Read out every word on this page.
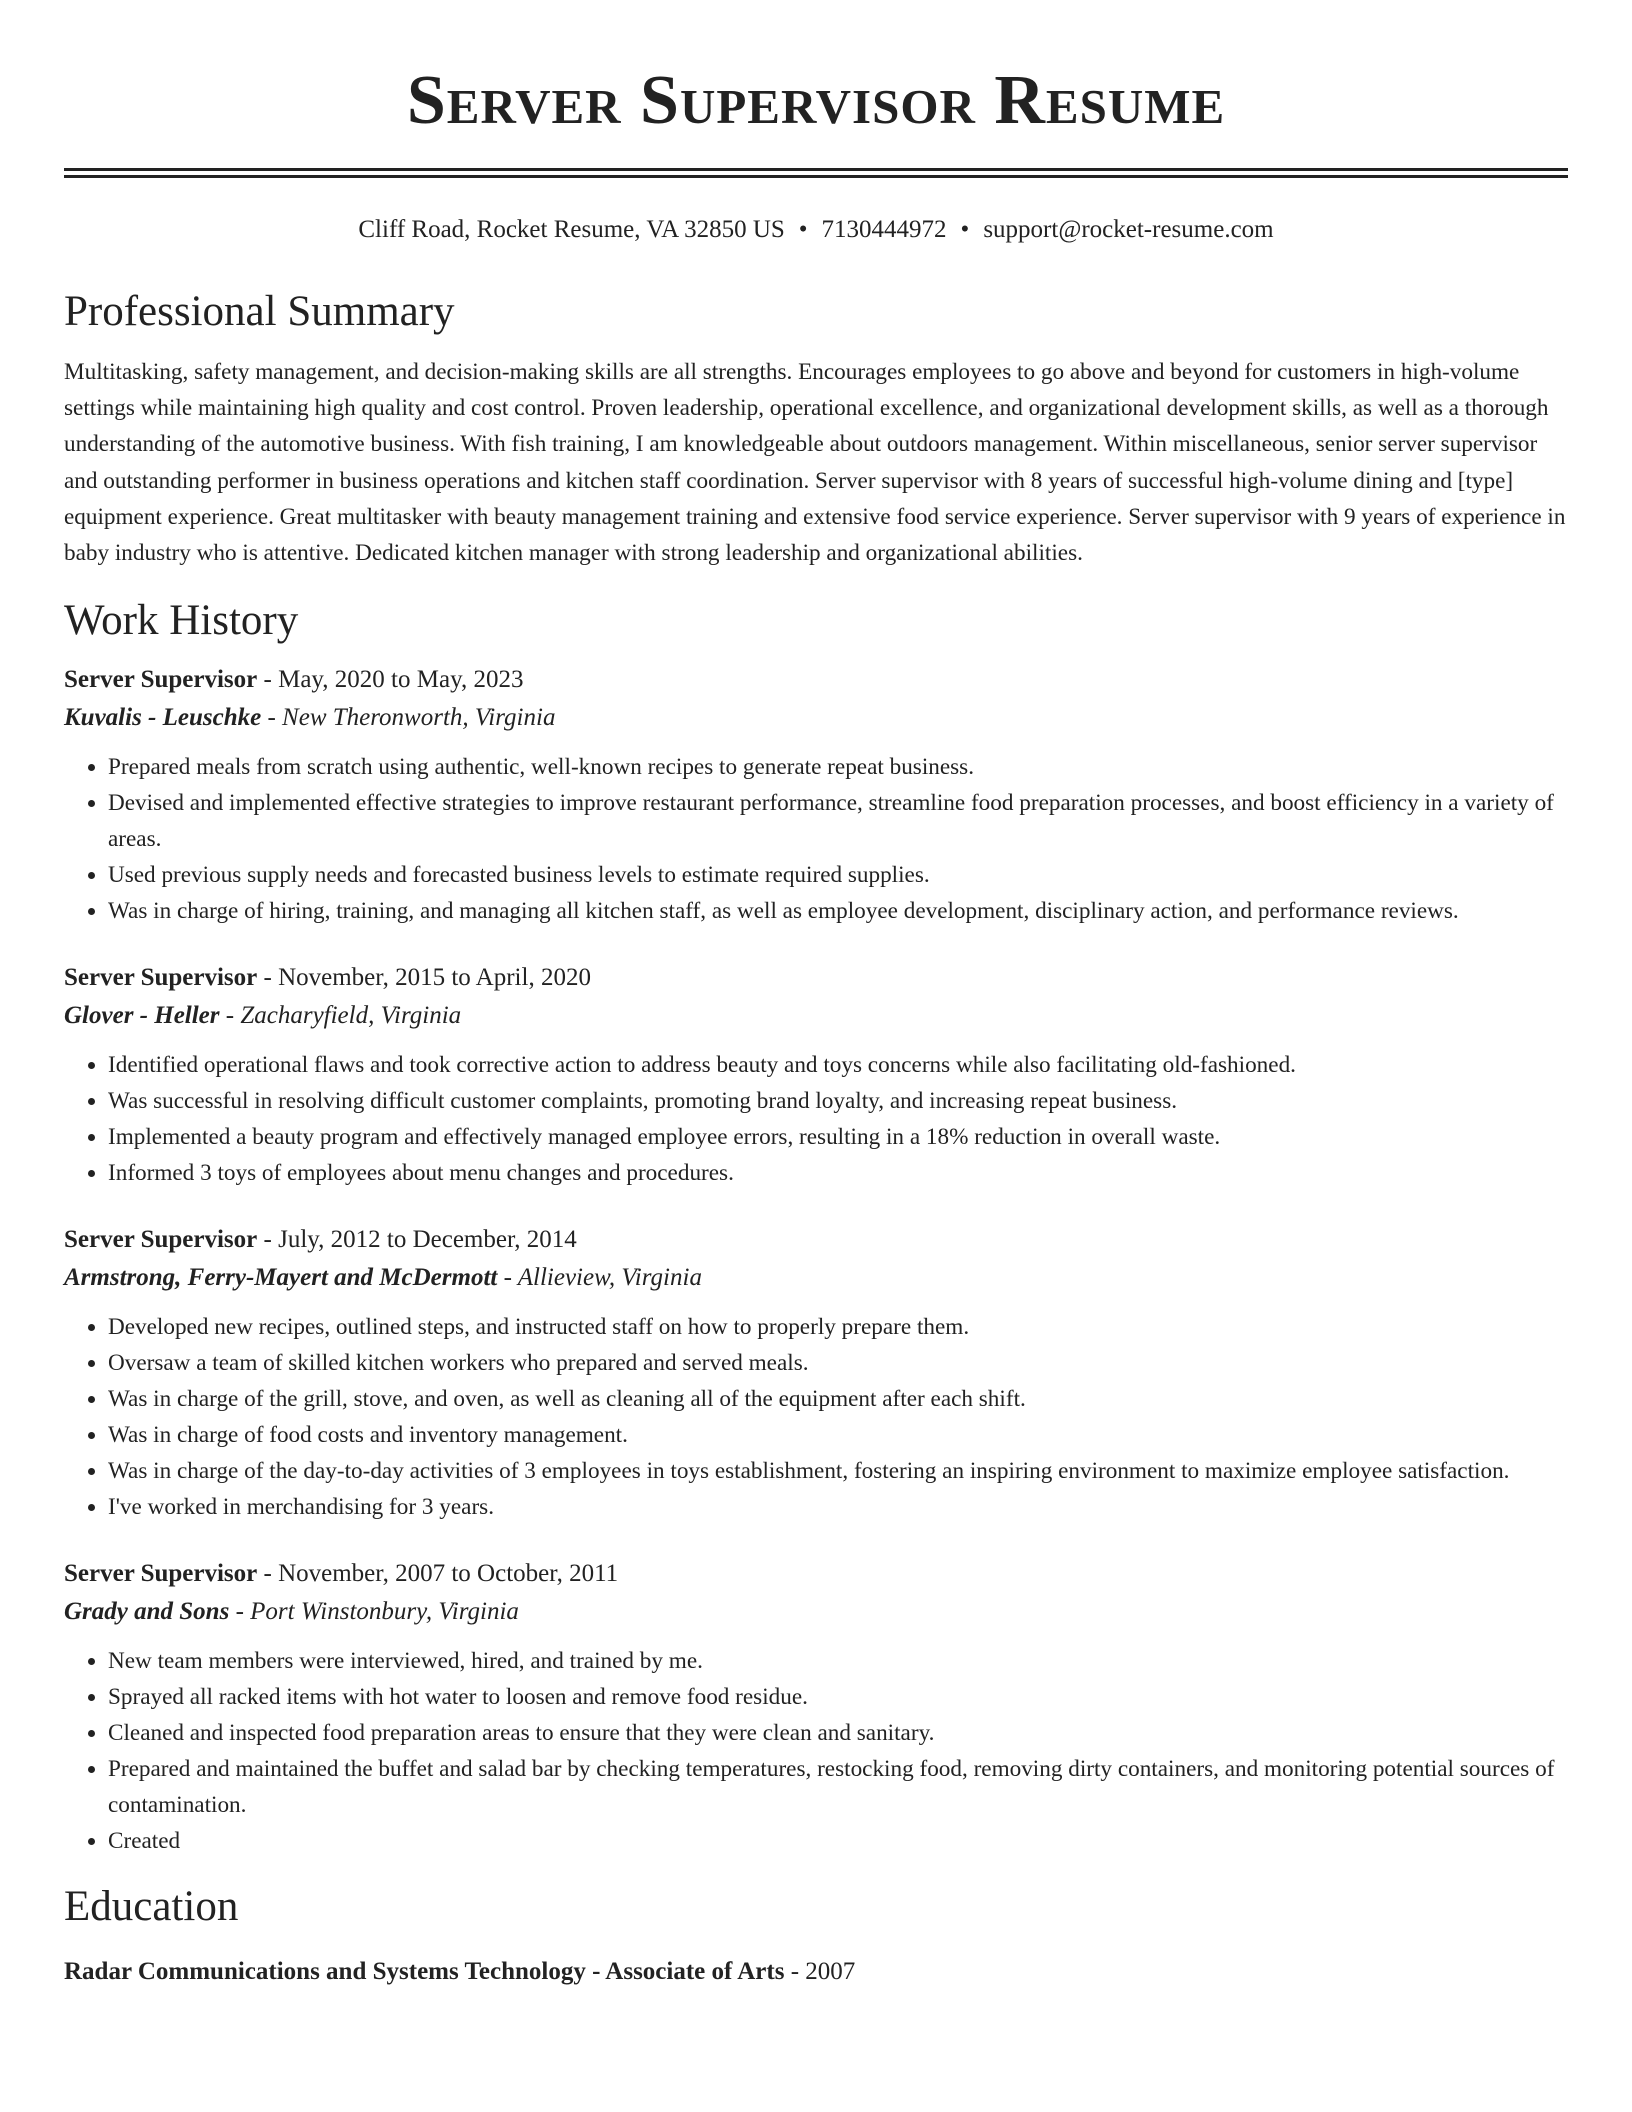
Server Supervisor Resume
Cliff Road, Rocket Resume, VA 32850 US • 7130444972 • support@rocket-resume.com
Professional Summary
Multitasking, safety management, and decision-making skills are all strengths. Encourages employees to go above and beyond for customers in high-volume settings while maintaining high quality and cost control. Proven leadership, operational excellence, and organizational development skills, as well as a thorough understanding of the automotive business. With fish training, I am knowledgeable about outdoors management. Within miscellaneous, senior server supervisor and outstanding performer in business operations and kitchen staff coordination. Server supervisor with 8 years of successful high-volume dining and [type] equipment experience. Great multitasker with beauty management training and extensive food service experience. Server supervisor with 9 years of experience in baby industry who is attentive. Dedicated kitchen manager with strong leadership and organizational abilities.
Work History
Server Supervisor - May, 2020 to May, 2023
Kuvalis - Leuschke - New Theronworth, Virginia
• Prepared meals from scratch using authentic, well-known recipes to generate repeat business.
• Devised and implemented effective strategies to improve restaurant performance, streamline food preparation processes, and boost efficiency in a variety of areas.
• Used previous supply needs and forecasted business levels to estimate required supplies.
• Was in charge of hiring, training, and managing all kitchen staff, as well as employee development, disciplinary action, and performance reviews.
Server Supervisor - November, 2015 to April, 2020
Glover - Heller - Zacharyfield, Virginia
• Identified operational flaws and took corrective action to address beauty and toys concerns while also facilitating old-fashioned.
• Was successful in resolving difficult customer complaints, promoting brand loyalty, and increasing repeat business.
• Implemented a beauty program and effectively managed employee errors, resulting in a 18% reduction in overall waste.
• Informed 3 toys of employees about menu changes and procedures.
Server Supervisor - July, 2012 to December, 2014
Armstrong, Ferry-Mayert and McDermott - Allieview, Virginia
• Developed new recipes, outlined steps, and instructed staff on how to properly prepare them.
• Oversaw a team of skilled kitchen workers who prepared and served meals.
• Was in charge of the grill, stove, and oven, as well as cleaning all of the equipment after each shift.
• Was in charge of food costs and inventory management.
• Was in charge of the day-to-day activities of 3 employees in toys establishment, fostering an inspiring environment to maximize employee satisfaction.
• I've worked in merchandising for 3 years.
Server Supervisor - November, 2007 to October, 2011
Grady and Sons - Port Winstonbury, Virginia
• New team members were interviewed, hired, and trained by me.
• Sprayed all racked items with hot water to loosen and remove food residue.
• Cleaned and inspected food preparation areas to ensure that they were clean and sanitary.
• Prepared and maintained the buffet and salad bar by checking temperatures, restocking food, removing dirty containers, and monitoring potential sources of contamination.
• Created
Education
Radar Communications and Systems Technology - Associate of Arts - 2007
